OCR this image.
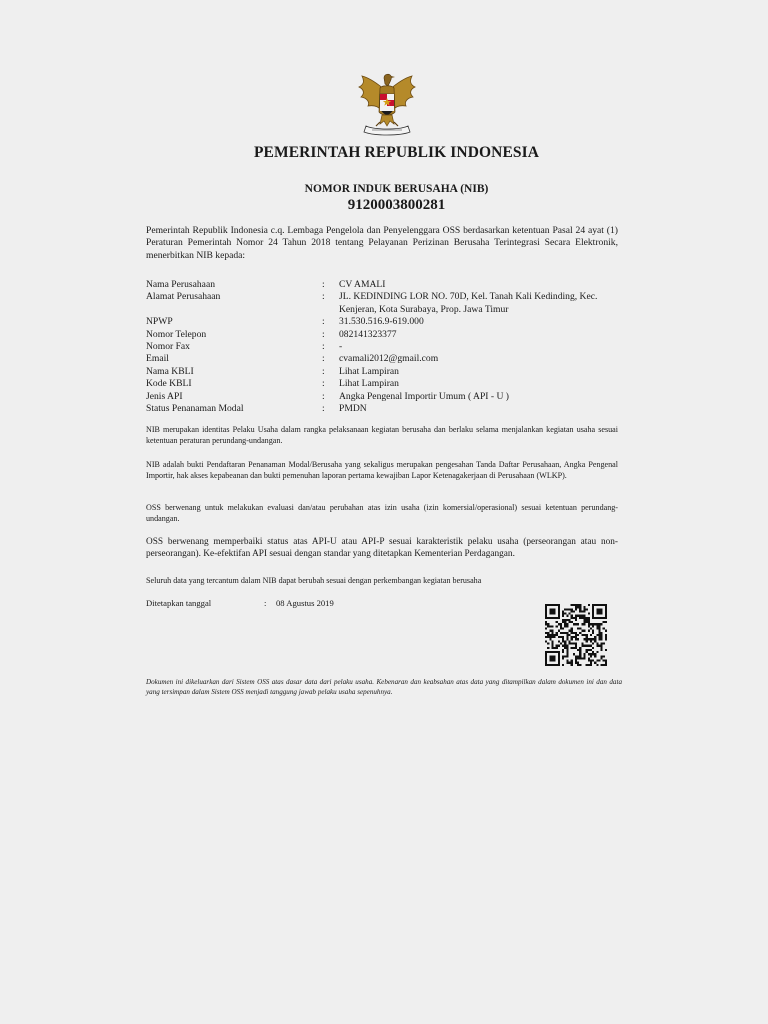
PEMERINTAH REPUBLIK INDONESIA
NOMOR INDUK BERUSAHA (NIB)
9120003800281
Pemerintah Republik Indonesia c.q. Lembaga Pengelola dan Penyelenggara OSS berdasarkan ketentuan Pasal 24 ayat (1) Peraturan Pemerintah Nomor 24 Tahun 2018 tentang Pelayanan Perizinan Berusaha Terintegrasi Secara Elektronik, menerbitkan NIB kepada:
Nama Perusahaan	: CV AMALI
Alamat Perusahaan	: JL. KEDINDING LOR NO. 70D, Kel. Tanah Kali Kedinding, Kec. Kenjeran, Kota Surabaya, Prop. Jawa Timur
NPWP	: 31.530.516.9-619.000
Nomor Telepon	: 082141323377
Nomor Fax	: -
Email	: cvamali2012@gmail.com
Nama KBLI	: Lihat Lampiran
Kode KBLI	: Lihat Lampiran
Jenis API	: Angka Pengenal Importir Umum ( API - U )
Status Penanaman Modal	: PMDN
NIB merupakan identitas Pelaku Usaha dalam rangka pelaksanaan kegiatan berusaha dan berlaku selama menjalankan kegiatan usaha sesuai ketentuan peraturan perundang-undangan.
NIB adalah bukti Pendaftaran Penanaman Modal/Berusaha yang sekaligus merupakan pengesahan Tanda Daftar Perusahaan, Angka Pengenal Importir, hak akses kepabeanan dan bukti pemenuhan laporan pertama kewajiban Lapor Ketenagakerjaan di Perusahaan (WLKP).
OSS berwenang untuk melakukan evaluasi dan/atau perubahan atas izin usaha (izin komersial/operasional) sesuai ketentuan perundang-undangan.
OSS berwenang memperbaiki status atas API-U atau API-P sesuai karakteristik pelaku usaha (perseorangan atau non-perseorangan). Ke-efektifan API sesuai dengan standar yang ditetapkan Kementerian Perdagangan.
Seluruh data yang tercantum dalam NIB dapat berubah sesuai dengan perkembangan kegiatan berusaha
Ditetapkan tanggal	: 08 Agustus 2019
Dokumen ini dikeluarkan dari Sistem OSS atas dasar data dari pelaku usaha. Kebenaran dan keabsahan atas data yang ditampilkan dalam dokumen ini dan data yang tersimpan dalam Sistem OSS menjadi tanggung jawab pelaku usaha sepenuhnya.
